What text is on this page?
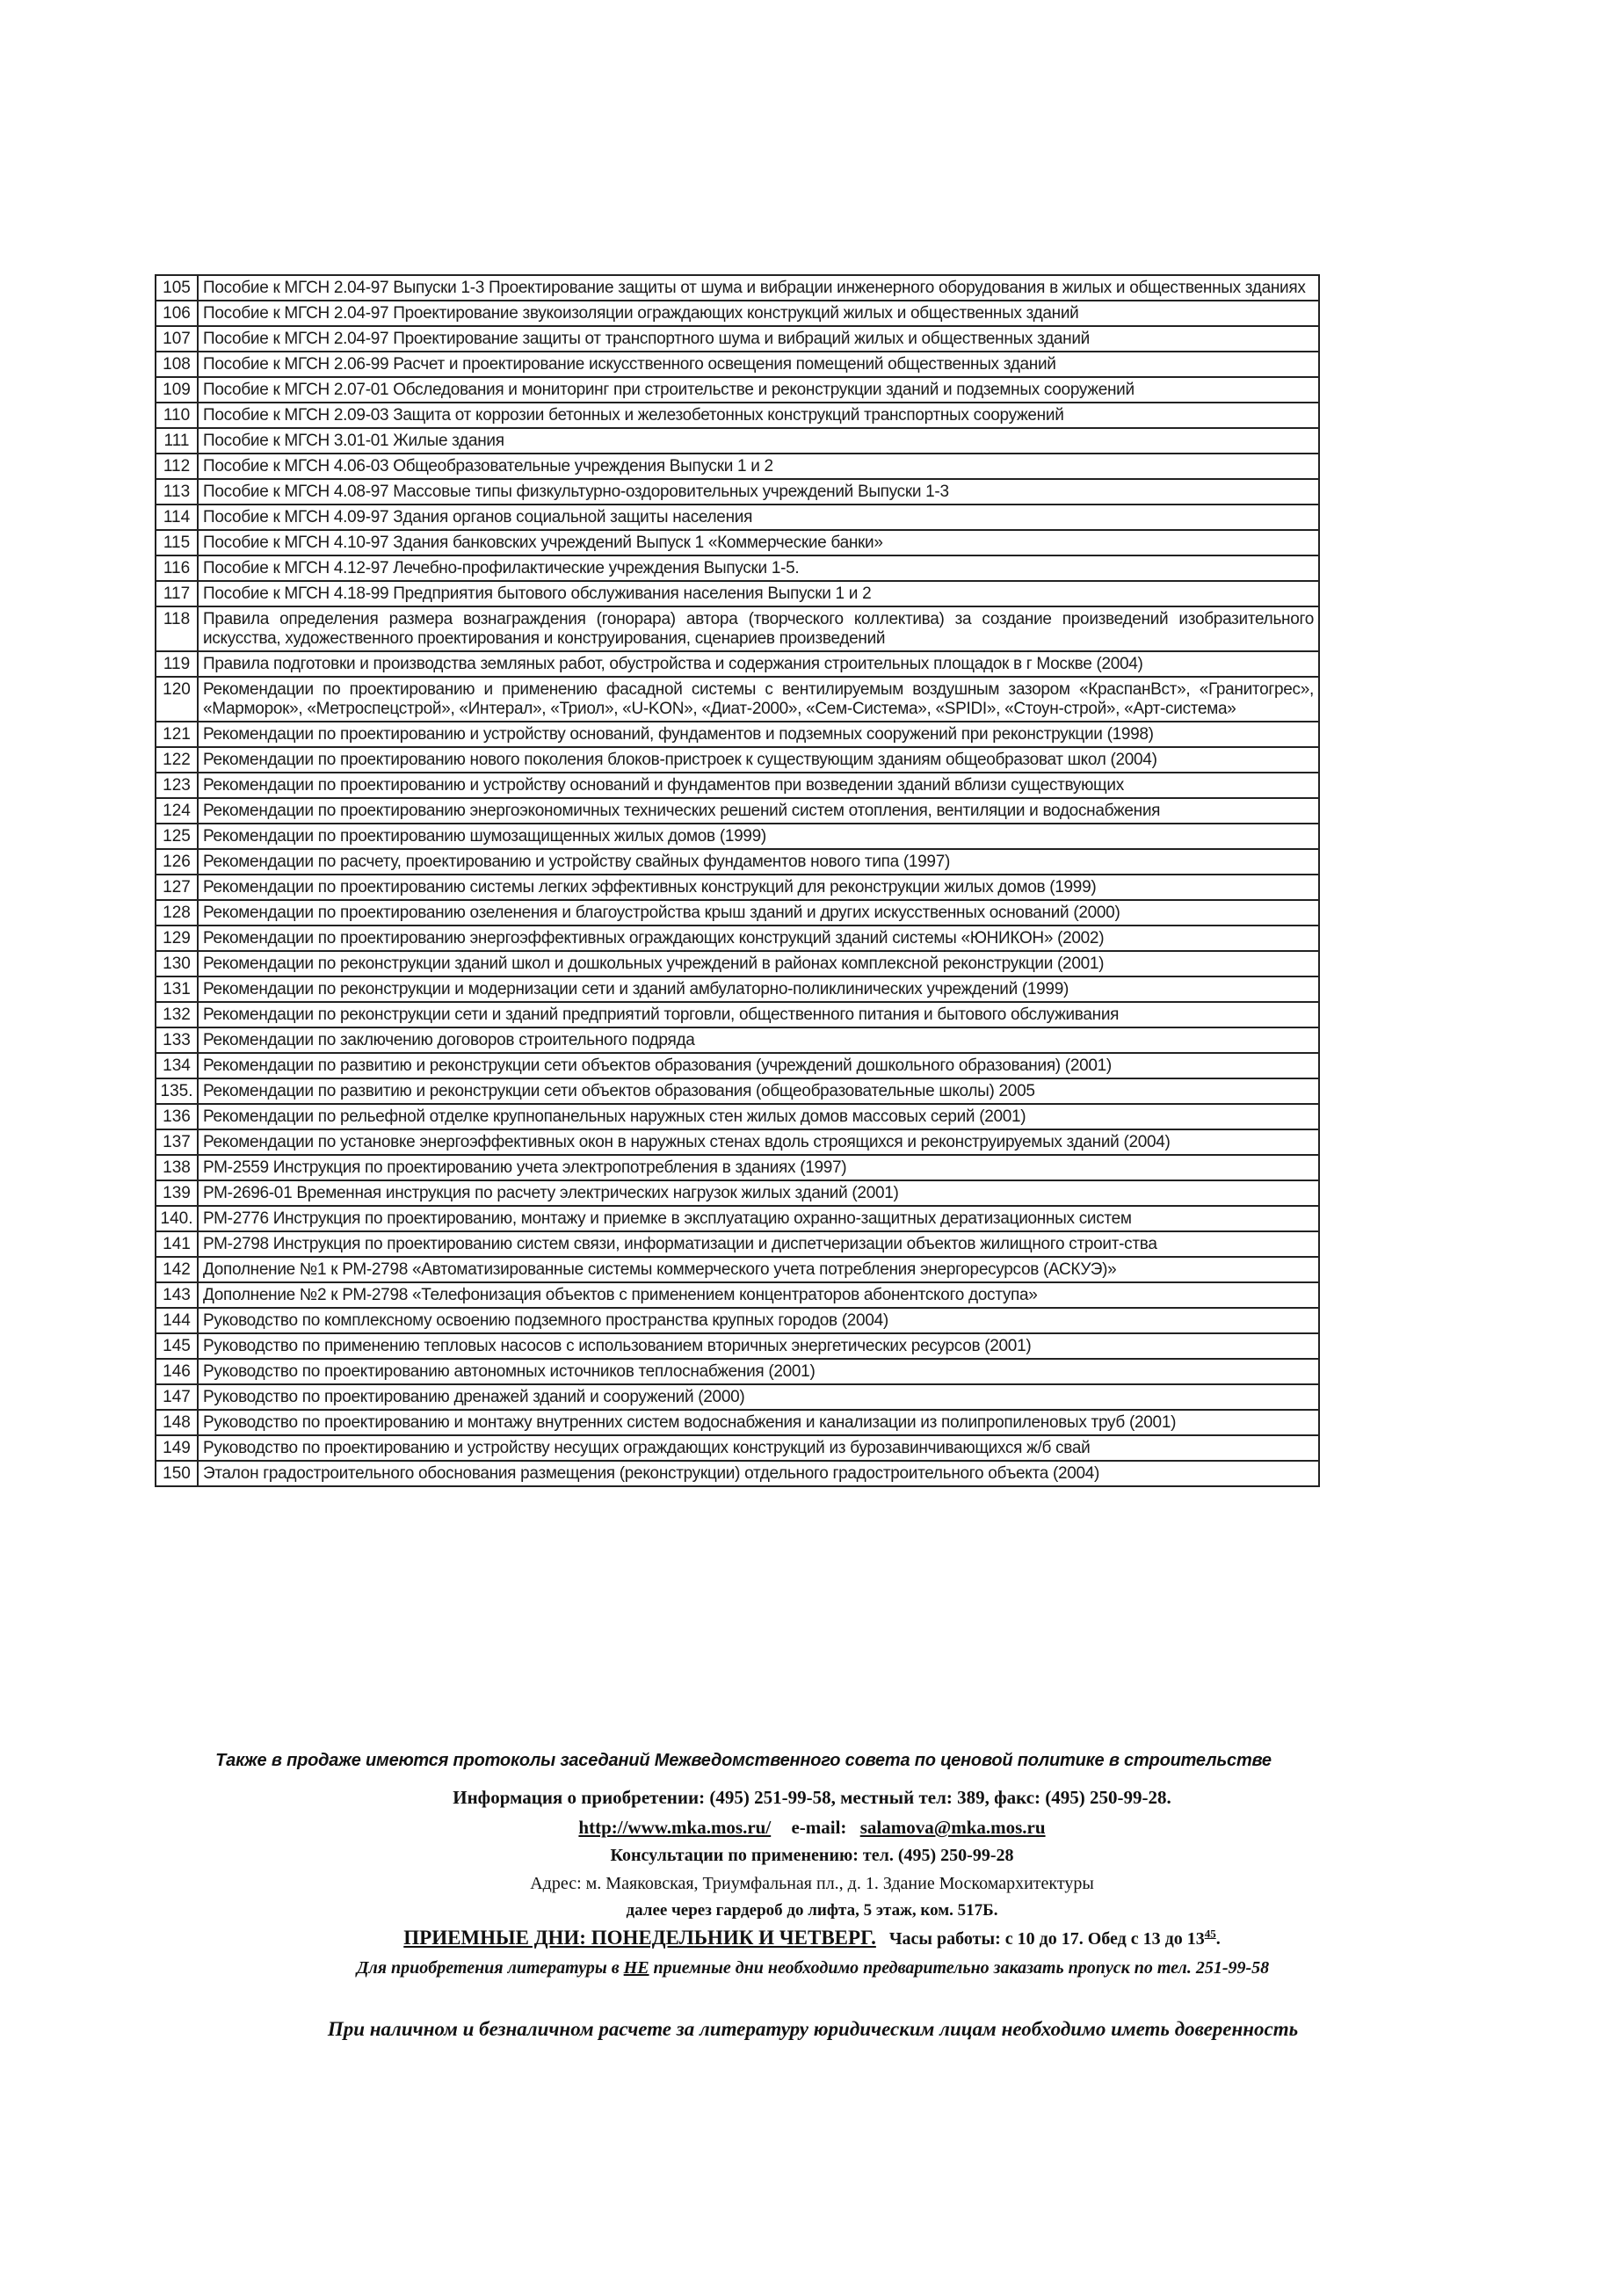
105	Пособие к МГСН 2.04-97 Выпуски 1-3 Проектирование защиты от шума и вибрации инженерного оборудования в жилых и общественных зданиях
106	Пособие к МГСН 2.04-97 Проектирование звукоизоляции ограждающих конструкций жилых и общественных зданий
107	Пособие к МГСН 2.04-97 Проектирование защиты от транспортного шума и вибраций жилых и общественных зданий
108	Пособие к МГСН 2.06-99 Расчет и проектирование искусственного освещения помещений общественных зданий
109	Пособие к МГСН 2.07-01 Обследования и мониторинг при строительстве и реконструкции зданий и подземных сооружений
110	Пособие к МГСН 2.09-03 Защита от коррозии бетонных и железобетонных конструкций транспортных сооружений
111	Пособие к МГСН 3.01-01 Жилые здания
112	Пособие к МГСН 4.06-03 Общеобразовательные учреждения Выпуски 1 и 2
113	Пособие к МГСН 4.08-97 Массовые типы физкультурно-оздоровительных учреждений Выпуски 1-3
114	Пособие к МГСН 4.09-97 Здания органов социальной защиты населения
115	Пособие к МГСН 4.10-97 Здания банковских учреждений Выпуск 1 «Коммерческие банки»
116	Пособие к МГСН 4.12-97 Лечебно-профилактические учреждения Выпуски 1-5.
117	Пособие к МГСН 4.18-99 Предприятия бытового обслуживания населения Выпуски 1 и 2
118	Правила определения размера вознаграждения (гонорара) автора (творческого коллектива) за создание произведений изобразительного искусства, художественного проектирования и конструирования, сценариев произведений
119	Правила подготовки и производства земляных работ, обустройства и содержания строительных площадок в г Москве (2004)
120	Рекомендации по проектированию и применению фасадной системы с вентилируемым воздушным зазором «КраспанВст», «Гранитогрес», «Марморок», «Метроспецстрой», «Интерал», «Триол», «U-KON», «Диат-2000», «Сем-Система», «SPIDI», «Стоун-строй», «Арт-система»
121	Рекомендации по проектированию и устройству оснований, фундаментов и подземных сооружений при реконструкции (1998)
122	Рекомендации по проектированию нового поколения блоков-пристроек к существующим зданиям общеобразоват школ (2004)
123	Рекомендации по проектированию и устройству оснований и фундаментов при возведении зданий вблизи существующих
124	Рекомендации по проектированию энергоэкономичных технических решений систем отопления, вентиляции и водоснабжения
125	Рекомендации по проектированию шумозащищенных жилых домов (1999)
126	Рекомендации по расчету, проектированию и устройству свайных фундаментов нового типа (1997)
127	Рекомендации по проектированию системы легких эффективных конструкций для реконструкции жилых домов (1999)
128	Рекомендации по проектированию озеленения и благоустройства крыш зданий и других искусственных оснований (2000)
129	Рекомендации по проектированию энергоэффективных ограждающих конструкций зданий системы «ЮНИКОН» (2002)
130	Рекомендации по реконструкции зданий школ и дошкольных учреждений в районах комплексной реконструкции (2001)
131	Рекомендации по реконструкции и модернизации сети и зданий амбулаторно-поликлинических учреждений (1999)
132	Рекомендации по реконструкции сети и зданий предприятий торговли, общественного питания и бытового обслуживания
133	Рекомендации по заключению договоров строительного подряда
134	Рекомендации по развитию и реконструкции сети объектов образования (учреждений дошкольного образования) (2001)
135.	Рекомендации по развитию и реконструкции сети объектов образования (общеобразовательные школы) 2005
136	Рекомендации по рельефной отделке крупнопанельных наружных стен жилых домов массовых серий (2001)
137	Рекомендации по установке энергоэффективных окон в наружных стенах вдоль строящихся и реконструируемых зданий (2004)
138	РМ-2559 Инструкция по проектированию учета электропотребления в зданиях (1997)
139	РМ-2696-01 Временная инструкция по расчету электрических нагрузок жилых зданий (2001)
140.	РМ-2776 Инструкция по проектированию, монтажу и приемке в эксплуатацию охранно-защитных дератизационных систем
141	РМ-2798 Инструкция по проектированию систем связи, информатизации и диспетчеризации объектов жилищного строит-ства
142	Дополнение №1 к РМ-2798 «Автоматизированные системы коммерческого учета потребления энергоресурсов (АСКУЭ)»
143	Дополнение №2 к РМ-2798 «Телефонизация объектов с применением концентраторов абонентского доступа»
144	Руководство по комплексному освоению подземного пространства крупных городов (2004)
145	Руководство по применению тепловых насосов с использованием вторичных энергетических ресурсов (2001)
146	Руководство по проектированию автономных источников теплоснабжения (2001)
147	Руководство по проектированию дренажей зданий и сооружений (2000)
148	Руководство по проектированию и монтажу внутренних систем водоснабжения и канализации из полипропиленовых труб (2001)
149	Руководство по проектированию и устройству несущих ограждающих конструкций из бурозавинчивающихся ж/б свай
150	Эталон градостроительного обоснования размещения (реконструкции) отдельного градостроительного объекта (2004)
Также в продаже имеются протоколы заседаний Межведомственного совета по ценовой политике в строительстве
Информация о приобретении: (495) 251-99-58, местный тел: 389, факс: (495) 250-99-28.
http://www.mka.mos.ru/ e-mail: salamova@mka.mos.ru
Консультации по применению: тел. (495) 250-99-28
Адрес: м. Маяковская, Триумфальная пл., д. 1. Здание Москомархитектуры
далее через гардероб до лифта, 5 этаж, ком. 517Б.
ПРИЕМНЫЕ ДНИ: ПОНЕДЕЛЬНИК И ЧЕТВЕРГ. Часы работы: с 10 до 17. Обед с 13 до $13^{45}$.
Для приобретения литературы в НЕ приемные дни необходимо предварительно заказать пропуск по тел. 251-99-58
При наличном и безналичном расчете за литературу юридическим лицам необходимо иметь доверенность
